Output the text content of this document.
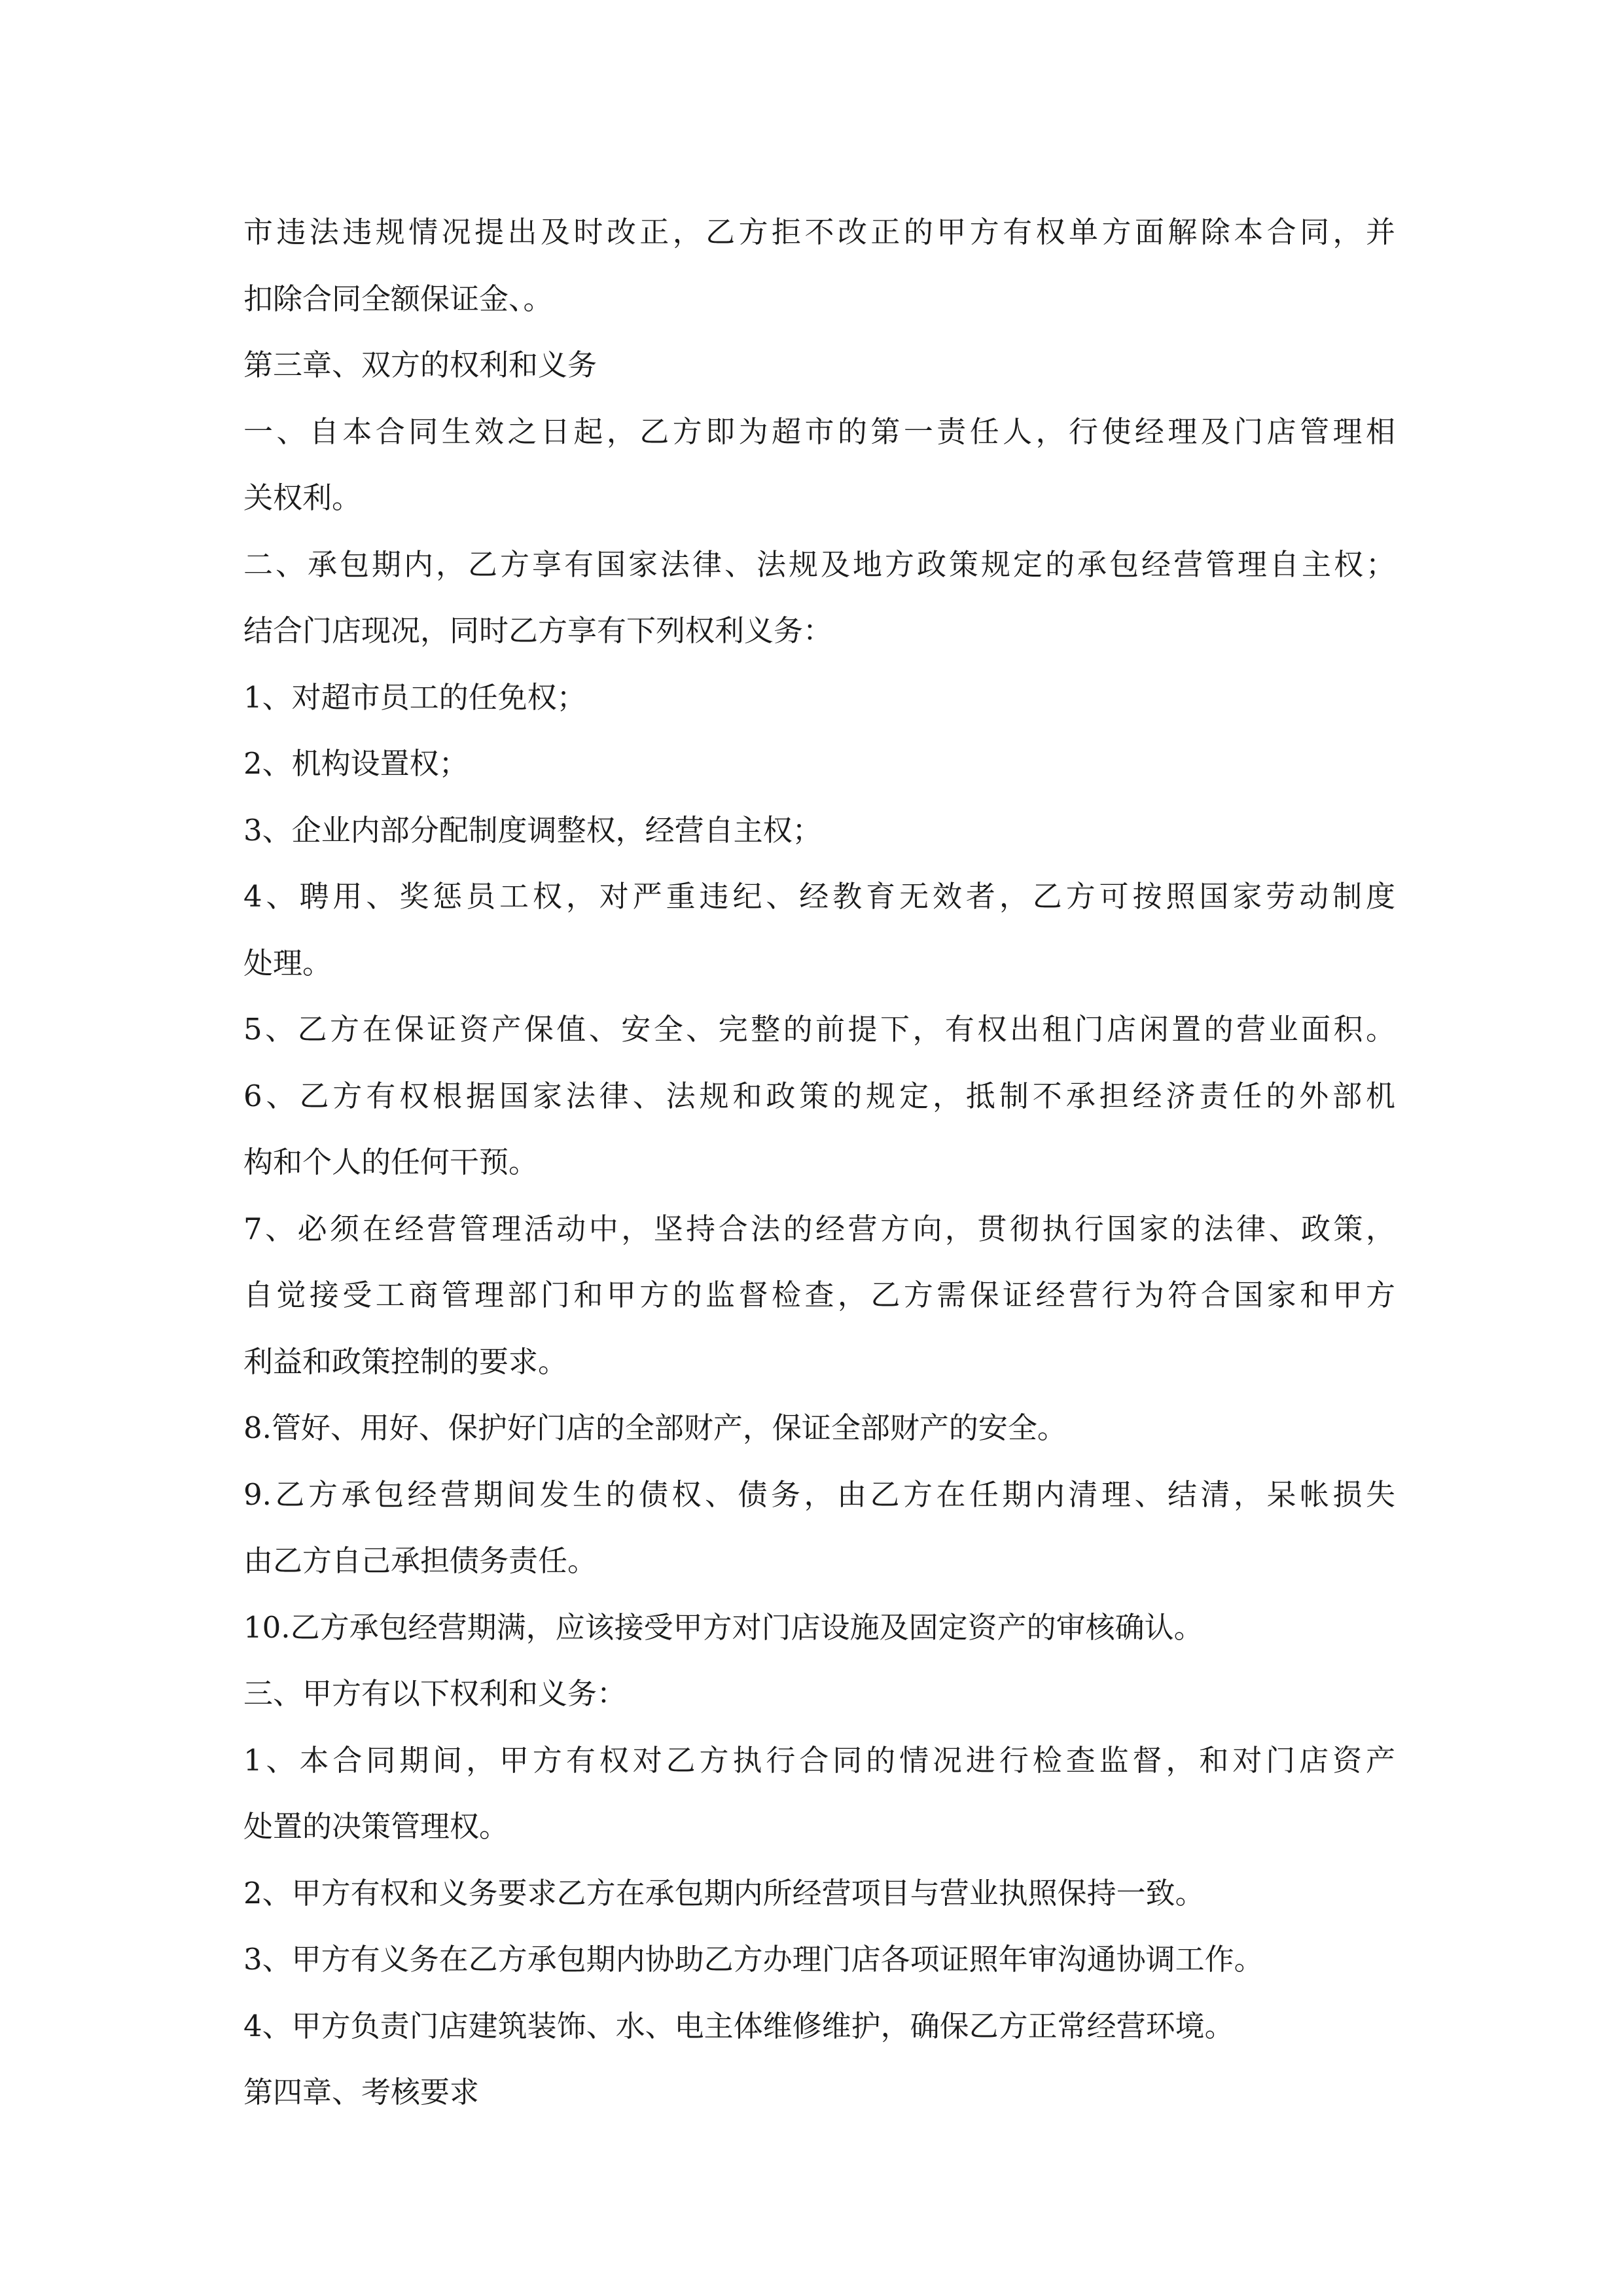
市违法违规情况提出及时改正，乙方拒不改正的甲方有权单方面解除本合同，并
扣除合同全额保证金、。
第三章、双方的权利和义务
一、自本合同生效之日起，乙方即为超市的第一责任人，行使经理及门店管理相
关权利。
二、承包期内，乙方享有国家法律、法规及地方政策规定的承包经营管理自主权；
结合门店现况，同时乙方享有下列权利义务：
1、对超市员工的任免权；
2、机构设置权；
3、企业内部分配制度调整权，经营自主权；
4、聘用、奖惩员工权，对严重违纪、经教育无效者，乙方可按照国家劳动制度
处理。
5、乙方在保证资产保值、安全、完整的前提下，有权出租门店闲置的营业面积。
6、乙方有权根据国家法律、法规和政策的规定，抵制不承担经济责任的外部机
构和个人的任何干预。
7、必须在经营管理活动中，坚持合法的经营方向，贯彻执行国家的法律、政策，
自觉接受工商管理部门和甲方的监督检查，乙方需保证经营行为符合国家和甲方
利益和政策控制的要求。
8.管好、用好、保护好门店的全部财产，保证全部财产的安全。
9.乙方承包经营期间发生的债权、债务，由乙方在任期内清理、结清，呆帐损失
由乙方自己承担债务责任。
10.乙方承包经营期满，应该接受甲方对门店设施及固定资产的审核确认。
三、甲方有以下权利和义务：
1、本合同期间，甲方有权对乙方执行合同的情况进行检查监督，和对门店资产
处置的决策管理权。
2、甲方有权和义务要求乙方在承包期内所经营项目与营业执照保持一致。
3、甲方有义务在乙方承包期内协助乙方办理门店各项证照年审沟通协调工作。
4、甲方负责门店建筑装饰、水、电主体维修维护，确保乙方正常经营环境。
第四章、考核要求
